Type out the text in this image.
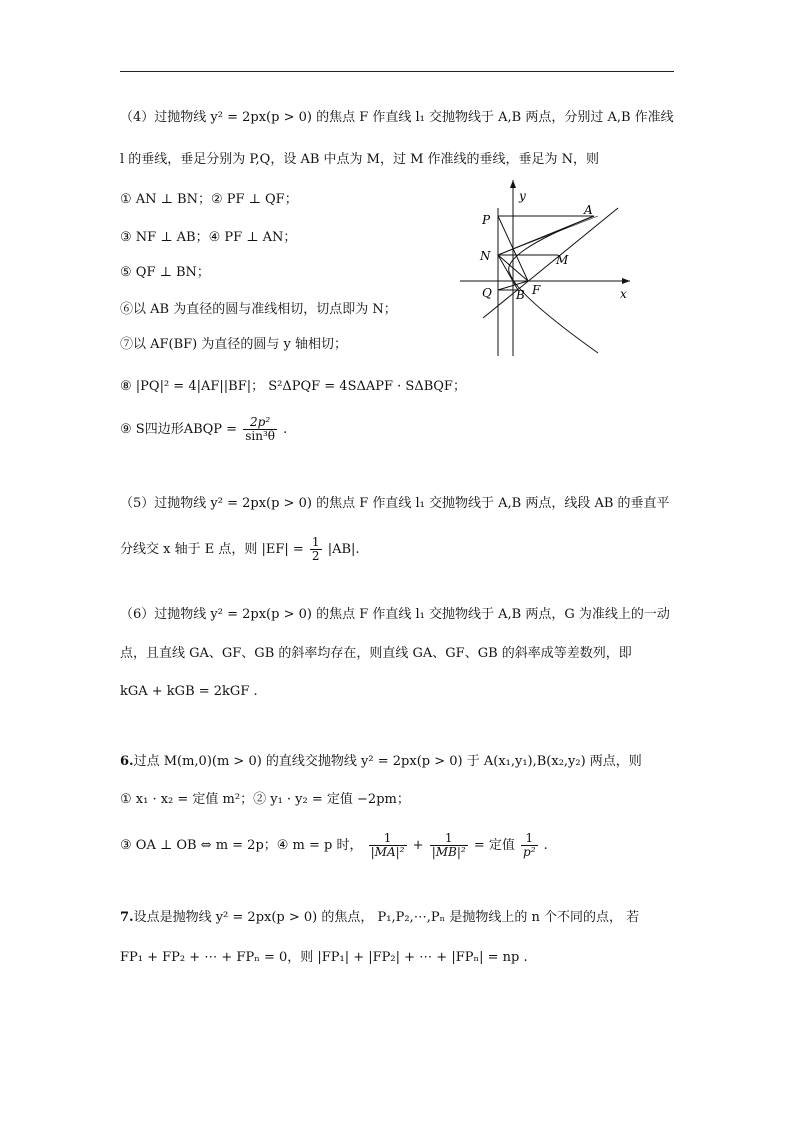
（4）过抛物线 y² = 2px(p > 0) 的焦点 F 作直线 l₁ 交抛物线于 A,B 两点，分别过 A,B 作准线
l 的垂线，垂足分别为 P,Q，设 AB 中点为 M，过 M 作准线的垂线，垂足为 N，则
① AN ⊥ BN；② PF ⊥ QF；
③ NF ⊥ AB；④ PF ⊥ AN；
⑤ QF ⊥ BN；
⑥以 AB 为直径的圆与准线相切，切点即为 N；
⑦以 AF(BF) 为直径的圆与 y 轴相切；
⑧ |PQ|² = 4|AF||BF|； S²ΔPQF = 4SΔAPF · SΔBQF；
⑨ S四边形ABQP = $\frac{\text{2p²}}{\text{sin³θ}}$ .
y
x
P
A
N	M
Q B F
（5）过抛物线 y² = 2px(p > 0) 的焦点 F 作直线 l₁ 交抛物线于 A,B 两点，线段 AB 的垂直平
分线交 x 轴于 E 点，则 $|EF| = \frac{1}{2} |AB|$.
（6）过抛物线 y² = 2px(p > 0) 的焦点 F 作直线 l₁ 交抛物线于 A,B 两点，G 为准线上的一动
点，且直线 GA、GF、GB 的斜率均存在，则直线 GA、GF、GB 的斜率成等差数列，即
kGA + kGB = 2kGF .
6.过点 M(m,0)(m > 0) 的直线交抛物线 y² = 2px(p > 0) 于 A(x₁,y₁),B(x₂,y₂) 两点，则
① x₁ · x₂ = 定值 m²；② y₁ · y₂ = 定值 −2pm；
③ OA ⊥ OB ⇔ m = 2p；④ m = p 时， $\frac{1}{\text{|MA|²}} + \frac{1}{\text{|MB|²}}$ = 定值 $\frac{1}{\text{p²}}$ .
7.设点是抛物线 y² = 2px(p > 0) 的焦点， P₁,P₂,⋯,Pₙ 是抛物线上的 n 个不同的点， 若
FP₁ + FP₂ + ⋯ + FPₙ = 0，则 |FP₁| + |FP₂| + ⋯ + |FPₙ| = np .
